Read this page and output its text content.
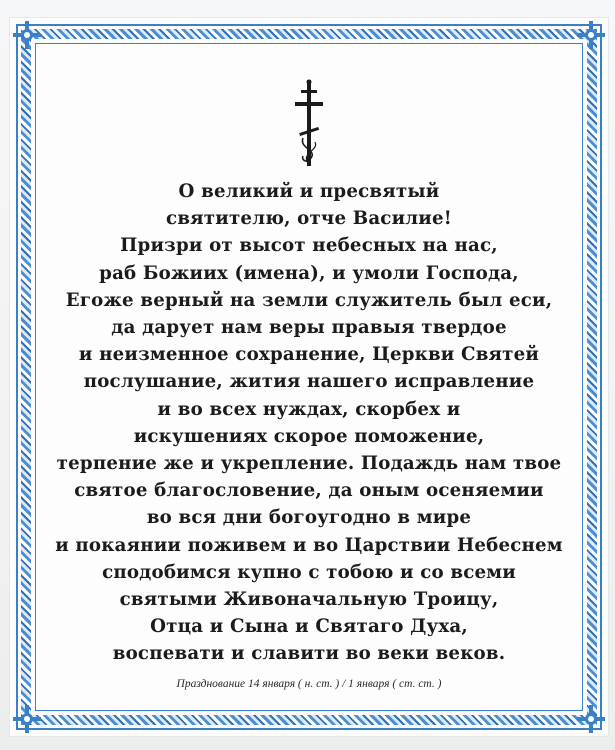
О великий и пресвятый
святителю, отче Василие!
Призри от высот небесных на нас,
раб Божиих (имена), и умоли Господа,
Егоже верный на земли служитель был еси,
да дарует нам веры правыя твердое
и неизменное сохранение, Церкви Святей
послушание, жития нашего исправление
и во всех нуждах, скорбех и
искушениях скорое поможение,
терпение же и укрепление. Подаждь нам твое
святое благословение, да оным осеняемии
во вся дни богоугодно в мире
и покаянии поживем и во Царствии Небеснем
сподобимся купно с тобою и со всеми
святыми Живоначальную Троицу,
Отца и Сына и Святаго Духа,
воспевати и славити во веки веков.
Празднование 14 января ( н. ст. ) / 1 января ( ст. ст. )
